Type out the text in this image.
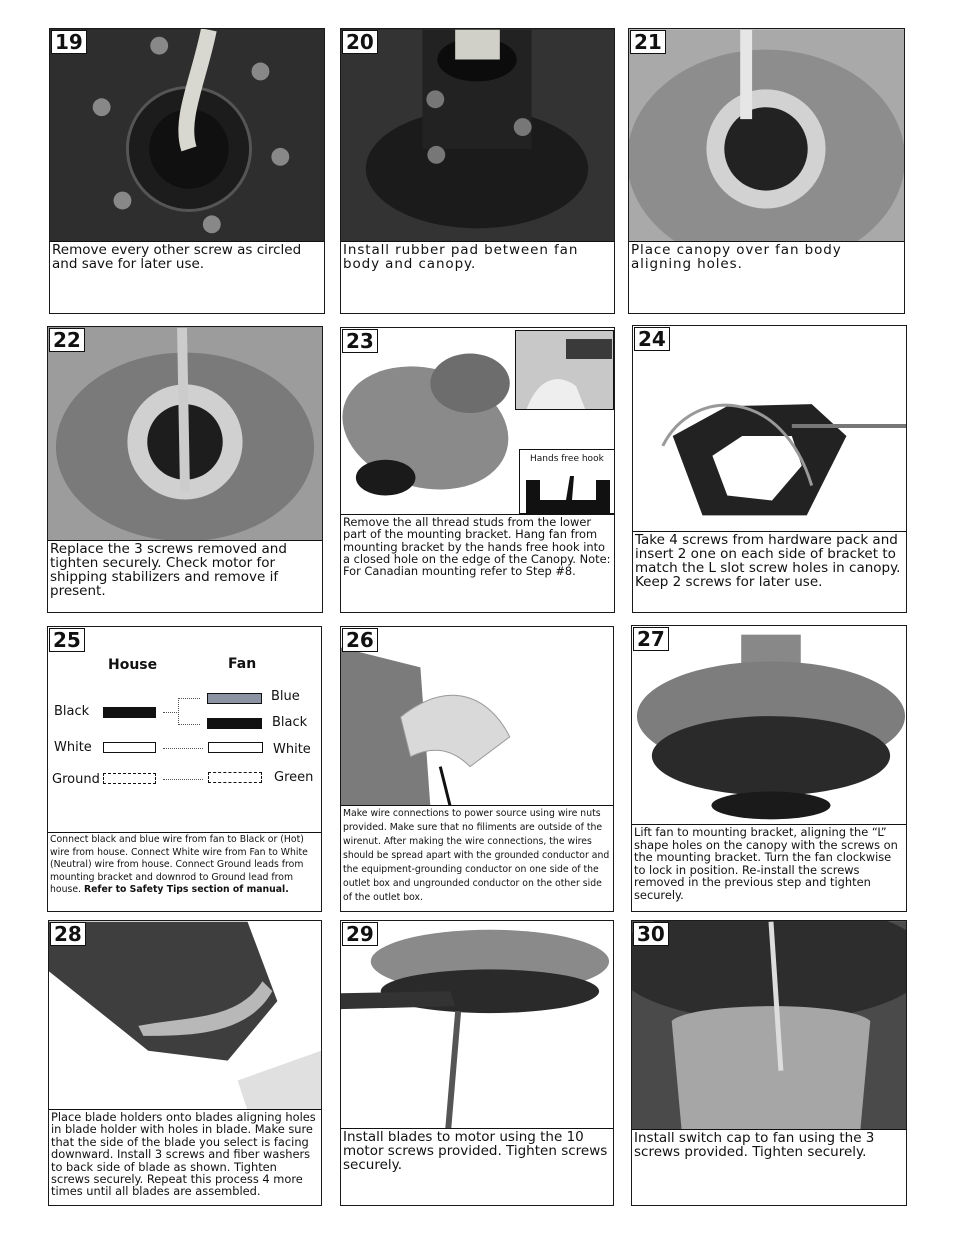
19
Remove every other screw as circled and save for later use.
20
Install rubber pad between fan body and canopy.
21
Place canopy over fan body aligning holes.
22
Replace the 3 screws removed and tighten securely. Check motor for shipping stabilizers and remove if present.
23
Hands free hook
Remove the all thread studs from the lower part of the mounting bracket. Hang fan from mounting bracket by the hands free hook into a closed hole on the edge of the Canopy. Note: For Canadian mounting refer to Step #8.
24
Take 4 screws from hardware pack and insert 2 one on each side of bracket to match the L slot screw holes in canopy. Keep 2 screws for later use.
25
House	Fan
Black
White
Ground
Blue
Black
White
Green
Connect black and blue wire from fan to Black or (Hot) wire from house. Connect White wire from Fan to White (Neutral) wire from house. Connect Ground leads from mounting bracket and downrod to Ground lead from house. Refer to Safety Tips section of manual.
26
Make wire connections to power source using wire nuts provided. Make sure that no filiments are outside of the wirenut. After making the wire connections, the wires should be spread apart with the grounded conductor and the equipment-grounding conductor on one side of the outlet box and ungrounded conductor on the other side of the outlet box.
27
Lift fan to mounting bracket, aligning the “L” shape holes on the canopy with the screws on the mounting bracket. Turn the fan clockwise to lock in position. Re-install the screws removed in the previous step and tighten securely.
28
Place blade holders onto blades aligning holes in blade holder with holes in blade. Make sure that the side of the blade you select is facing downward. Install 3 screws and fiber washers to back side of blade as shown. Tighten screws securely. Repeat this process 4 more times until all blades are assembled.
29
Install blades to motor using the 10 motor screws provided. Tighten screws securely.
30
Install switch cap to fan using the 3 screws provided. Tighten securely.
